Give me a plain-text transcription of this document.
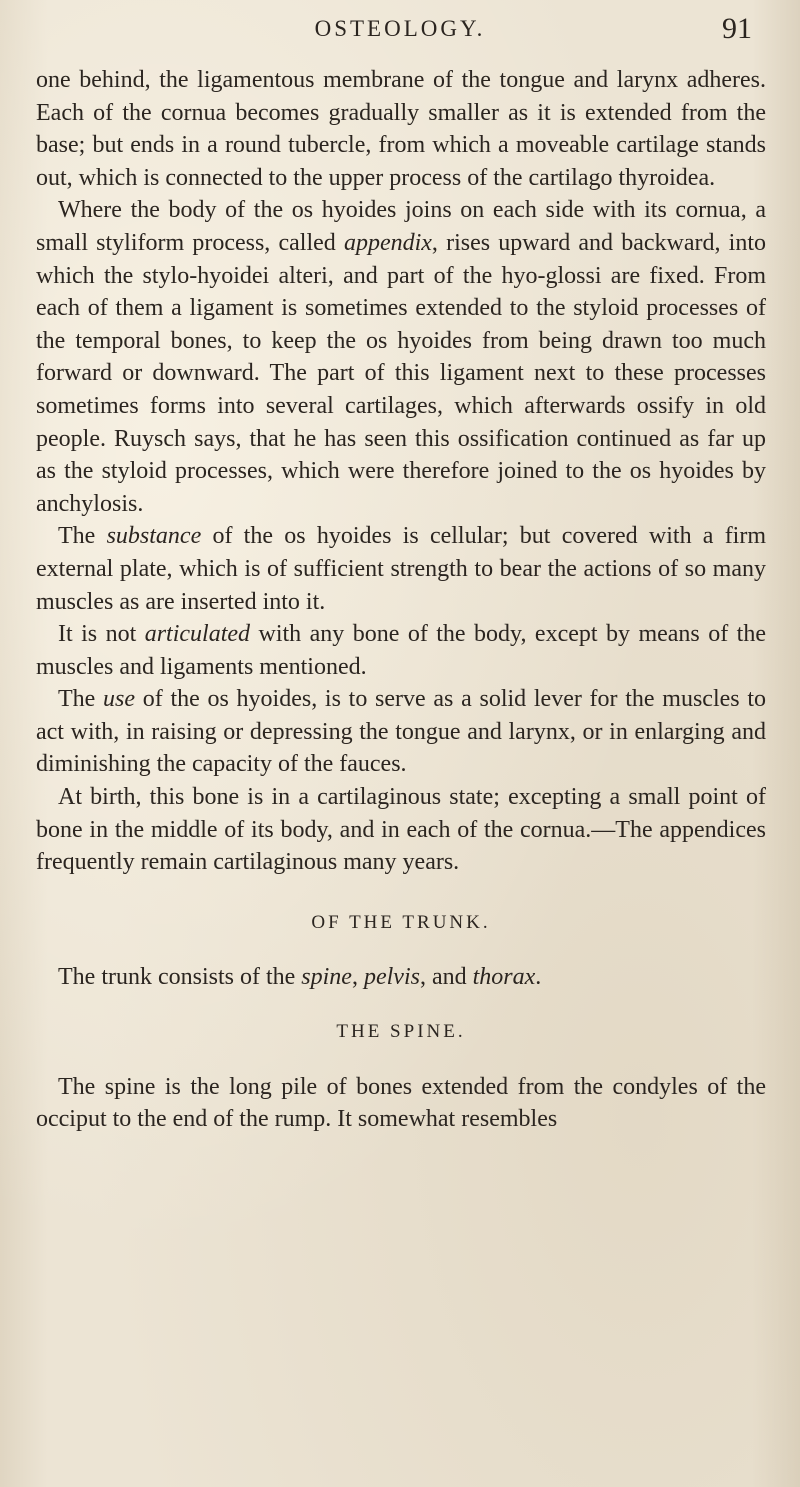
OSTEOLOGY.	91

one behind, the ligamentous membrane of the tongue and larynx adheres. Each of the cornua becomes gradually smaller as it is extended from the base; but ends in a round tubercle, from which a moveable cartilage stands out, which is connected to the upper process of the cartilago thyroidea.

Where the body of the os hyoides joins on each side with its cornua, a small styliform process, called appendix, rises upward and backward, into which the stylo-hyoidei alteri, and part of the hyo-glossi are fixed. From each of them a ligament is sometimes extended to the styloid processes of the temporal bones, to keep the os hyoides from being drawn too much forward or downward. The part of this ligament next to these processes sometimes forms into several cartilages, which afterwards ossify in old people. Ruysch says, that he has seen this ossification continued as far up as the styloid processes, which were therefore joined to the os hyoides by anchylosis.

The substance of the os hyoides is cellular; but covered with a firm external plate, which is of sufficient strength to bear the actions of so many muscles as are inserted into it.

It is not articulated with any bone of the body, except by means of the muscles and ligaments mentioned.

The use of the os hyoides, is to serve as a solid lever for the muscles to act with, in raising or depressing the tongue and larynx, or in enlarging and diminishing the capacity of the fauces.

At birth, this bone is in a cartilaginous state; excepting a small point of bone in the middle of its body, and in each of the cornua.—The appendices frequently remain cartilaginous many years.

OF THE TRUNK.

The trunk consists of the spine, pelvis, and thorax.

THE SPINE.

The spine is the long pile of bones extended from the condyles of the occiput to the end of the rump. It somewhat resembles
